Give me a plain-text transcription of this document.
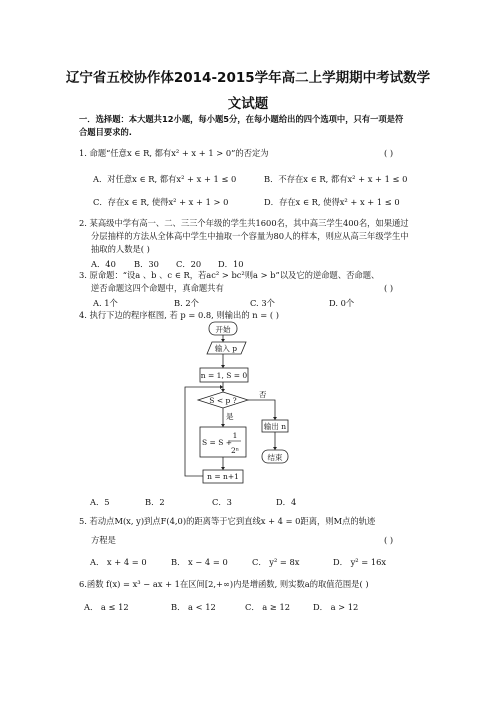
辽宁省五校协作体2014-2015学年高二上学期期中考试数学
文试题
一．选择题：本大题共12小题，每小题5分，在每小题给出的四个选项中，只有一项是符
合题目要求的.
1. 命题“任意x ∈ R, 都有x² + x + 1 > 0”的否定为	( )
A．对任意x ∈ R, 都有x² + x + 1 ≤ 0	B．不存在x ∈ R, 都有x² + x + 1 ≤ 0
C．存在x ∈ R, 使得x² + x + 1 > 0	D．存在x ∈ R, 使得x² + x + 1 ≤ 0
2. 某高级中学有高一、二、三三个年级的学生共1600名，其中高三学生400名，如果通过
分层抽样的方法从全体高中学生中抽取一个容量为80人的样本，则应从高三年级学生中
抽取的人数是( )
A．40 B．30 C．20 D．10
3. 原命题：“设a 、b 、c ∈ R，若ac² > bc²则a > b”以及它的逆命题、否命题、
逆否命题这四个命题中，真命题共有	( )
A. 1个	B. 2个	C. 3个	D. 0个
4. 执行下边的程序框图, 若 p = 0.8, 则输出的 n = ( )
开始
输入 p
n = 1, S = 0
S < p ?
否
是
S = S +
1
2ⁿ
n = n+1
输出 n
结束
A．5	B．2	C．3	D．4
5. 若动点M(x, y)到点F(4,0)的距离等于它到直线x + 4 = 0距离，则M点的轨迹
方程是	( )
A． x + 4 = 0	B． x − 4 = 0	C． y² = 8x	D． y² = 16x
6.函数 f(x) = x³ − ax + 1在区间[2,+∞)内是增函数, 则实数a的取值范围是( )
A． a ≤ 12	B． a < 12	C． a ≥ 12	D． a > 12
